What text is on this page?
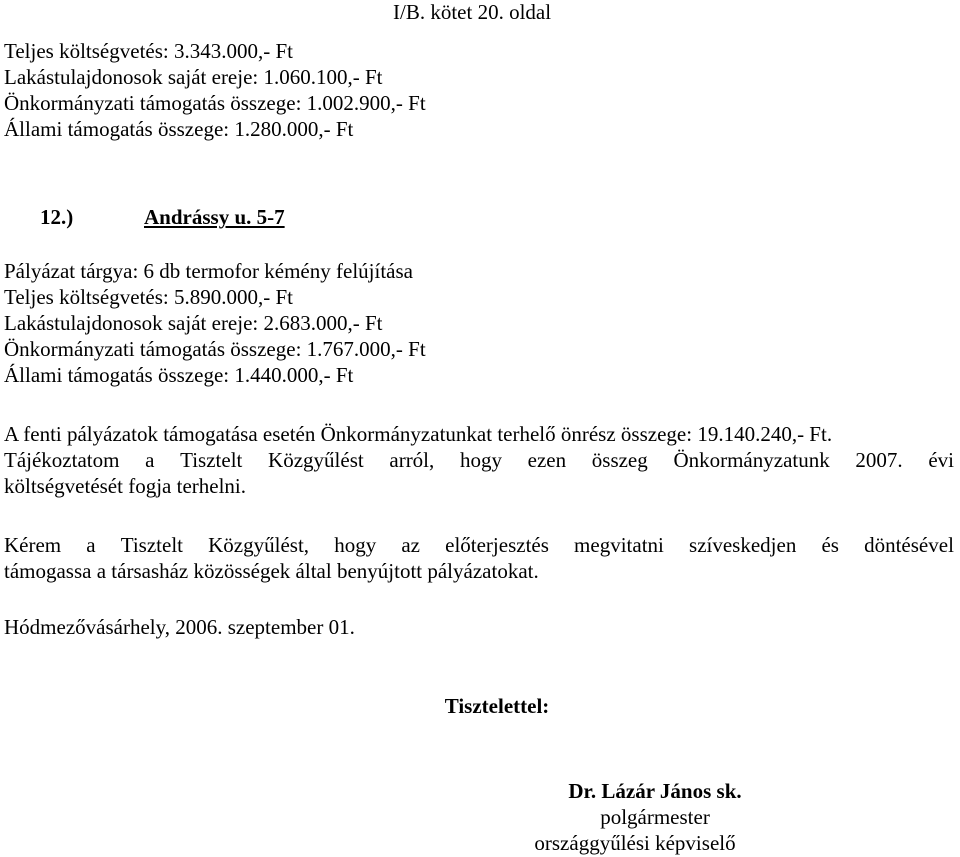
I/B. kötet 20. oldal
Teljes költségvetés: 3.343.000,- Ft
Lakástulajdonosok saját ereje: 1.060.100,- Ft
Önkormányzati támogatás összege: 1.002.900,- Ft
Állami támogatás összege: 1.280.000,- Ft
12.)	Andrássy u. 5-7
Pályázat tárgya: 6 db termofor kémény felújítása
Teljes költségvetés: 5.890.000,- Ft
Lakástulajdonosok saját ereje: 2.683.000,- Ft
Önkormányzati támogatás összege: 1.767.000,- Ft
Állami támogatás összege: 1.440.000,- Ft
A fenti pályázatok támogatása esetén Önkormányzatunkat terhelő önrész összege: 19.140.240,- Ft.
Tájékoztatom a Tisztelt Közgyűlést arról, hogy ezen összeg Önkormányzatunk 2007. évi
költségvetését fogja terhelni.
Kérem a Tisztelt Közgyűlést, hogy az előterjesztés megvitatni szíveskedjen és döntésével
támogassa a társasház közösségek által benyújtott pályázatokat.
Hódmezővásárhely, 2006. szeptember 01.
Tisztelettel:
Dr. Lázár János sk.
polgármester
országgyűlési képviselő
